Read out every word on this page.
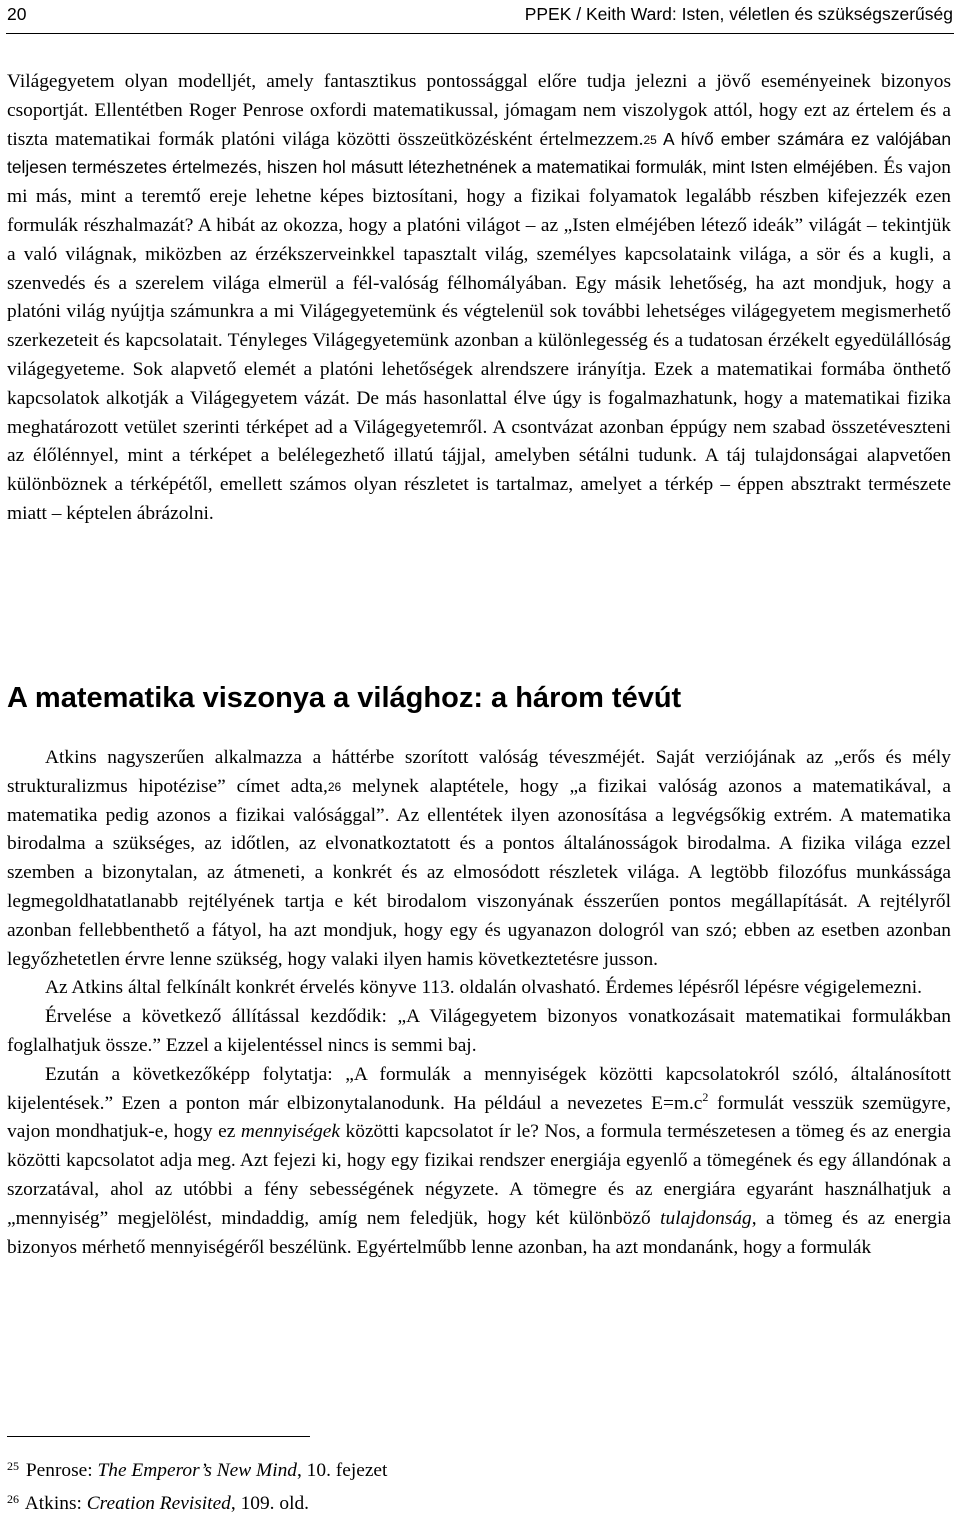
20	PPEK / Keith Ward: Isten, véletlen és szükségszerűség

Világegyetem olyan modelljét, amely fantasztikus pontossággal előre tudja jelezni a jövő eseményeinek bizonyos csoportját. Ellentétben Roger Penrose oxfordi matematikussal, jómagam nem viszolygok attól, hogy ezt az értelem és a tiszta matematikai formák platóni világa közötti összeütközésként értelmezzem.25 A hívő ember számára ez valójában teljesen természetes értelmezés, hiszen hol másutt létezhetnének a matematikai formulák, mint Isten elméjében. És vajon mi más, mint a teremtő ereje lehetne képes biztosítani, hogy a fizikai folyamatok legalább részben kifejezzék ezen formulák részhalmazát? A hibát az okozza, hogy a platóni világot – az „Isten elméjében létező ideák” világát – tekintjük a való világnak, miközben az érzékszerveinkkel tapasztalt világ, személyes kapcsolataink világa, a sör és a kugli, a szenvedés és a szerelem világa elmerül a fél-valóság félhomályában. Egy másik lehetőség, ha azt mondjuk, hogy a platóni világ nyújtja számunkra a mi Világegyetemünk és végtelenül sok további lehetséges világegyetem megismerhető szerkezeteit és kapcsolatait. Tényleges Világegyetemünk azonban a különlegesség és a tudatosan érzékelt egyedülállóság világegyeteme. Sok alapvető elemét a platóni lehetőségek alrendszere irányítja. Ezek a matematikai formába önthető kapcsolatok alkotják a Világegyetem vázát. De más hasonlattal élve úgy is fogalmazhatunk, hogy a matematikai fizika meghatározott vetület szerinti térképet ad a Világegyetemről. A csontvázat azonban éppúgy nem szabad összetéveszteni az élőlénnyel, mint a térképet a belélegezhető illatú tájjal, amelyben sétálni tudunk. A táj tulajdonságai alapvetően különböznek a térképétől, emellett számos olyan részletet is tartalmaz, amelyet a térkép – éppen absztrakt természete miatt – képtelen ábrázolni.

A matematika viszonya a világhoz: a három tévút

Atkins nagyszerűen alkalmazza a háttérbe szorított valóság téveszméjét. Saját verziójának az „erős és mély strukturalizmus hipotézise” címet adta,26 melynek alaptétele, hogy „a fizikai valóság azonos a matematikával, a matematika pedig azonos a fizikai valósággal”. Az ellentétek ilyen azonosítása a legvégsőkig extrém. A matematika birodalma a szükséges, az időtlen, az elvonatkoztatott és a pontos általánosságok birodalma. A fizika világa ezzel szemben a bizonytalan, az átmeneti, a konkrét és az elmosódott részletek világa. A legtöbb filozófus munkássága legmegoldhatatlanabb rejtélyének tartja e két birodalom viszonyának ésszerűen pontos megállapítását. A rejtélyről azonban fellebbenthető a fátyol, ha azt mondjuk, hogy egy és ugyanazon dologról van szó; ebben az esetben azonban legyőzhetetlen érvre lenne szükség, hogy valaki ilyen hamis következtetésre jusson.

Az Atkins által felkínált konkrét érvelés könyve 113. oldalán olvasható. Érdemes lépésről lépésre végigelemezni.

Érvelése a következő állítással kezdődik: „A Világegyetem bizonyos vonatkozásait matematikai formulákban foglalhatjuk össze.” Ezzel a kijelentéssel nincs is semmi baj.

Ezután a következőképp folytatja: „A formulák a mennyiségek közötti kapcsolatokról szóló, általánosított kijelentések.” Ezen a ponton már elbizonytalanodunk. Ha például a nevezetes $E=m.c^2$ formulát vesszük szemügyre, vajon mondhatjuk-e, hogy ez mennyiségek közötti kapcsolatot ír le? Nos, a formula természetesen a tömeg és az energia közötti kapcsolatot adja meg. Azt fejezi ki, hogy egy fizikai rendszer energiája egyenlő a tömegének és egy állandónak a szorzatával, ahol az utóbbi a fény sebességének négyzete. A tömegre és az energiára egyaránt használhatjuk a „mennyiség” megjelölést, mindaddig, amíg nem feledjük, hogy két különböző tulajdonság, a tömeg és az energia bizonyos mérhető mennyiségéről beszélünk. Egyértelműbb lenne azonban, ha azt mondanánk, hogy a formulák

$^{25}$ Penrose: The Emperor’s New Mind, 10. fejezet
$^{26}$ Atkins: Creation Revisited, 109. old.
